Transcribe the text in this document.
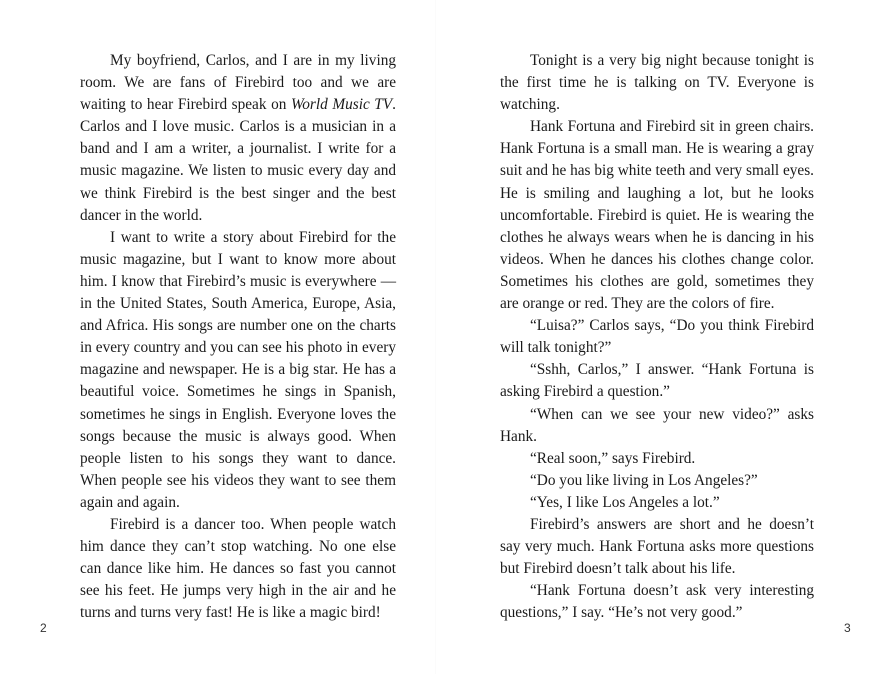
My boyfriend, Carlos, and I are in my living room. We are fans of Firebird too and we are waiting to hear Firebird speak on World Music TV. Carlos and I love music. Carlos is a musician in a band and I am a writer, a journalist. I write for a music magazine. We listen to music every day and we think Firebird is the best singer and the best dancer in the world.

I want to write a story about Firebird for the music magazine, but I want to know more about him. I know that Firebird’s music is everywhere — in the United States, South America, Europe, Asia, and Africa. His songs are number one on the charts in every country and you can see his photo in every magazine and newspaper. He is a big star. He has a beautiful voice. Sometimes he sings in Spanish, sometimes he sings in English. Everyone loves the songs because the music is always good. When people listen to his songs they want to dance. When people see his videos they want to see them again and again.

Firebird is a dancer too. When people watch him dance they can’t stop watching. No one else can dance like him. He dances so fast you cannot see his feet. He jumps very high in the air and he turns and turns very fast! He is like a magic bird!

Tonight is a very big night because tonight is the first time he is talking on TV. Everyone is watching.

Hank Fortuna and Firebird sit in green chairs. Hank Fortuna is a small man. He is wearing a gray suit and he has big white teeth and very small eyes. He is smiling and laughing a lot, but he looks uncomfortable. Firebird is quiet. He is wearing the clothes he always wears when he is dancing in his videos. When he dances his clothes change color. Sometimes his clothes are gold, sometimes they are orange or red. They are the colors of fire.

“Luisa?” Carlos says, “Do you think Firebird will talk tonight?”

“Sshh, Carlos,” I answer. “Hank Fortuna is asking Firebird a question.”

“When can we see your new video?” asks Hank.

“Real soon,” says Firebird.

“Do you like living in Los Angeles?”

“Yes, I like Los Angeles a lot.”

Firebird’s answers are short and he doesn’t say very much. Hank Fortuna asks more questions but Firebird doesn’t talk about his life.

“Hank Fortuna doesn’t ask very interesting questions,” I say. “He’s not very good.”

2	3
